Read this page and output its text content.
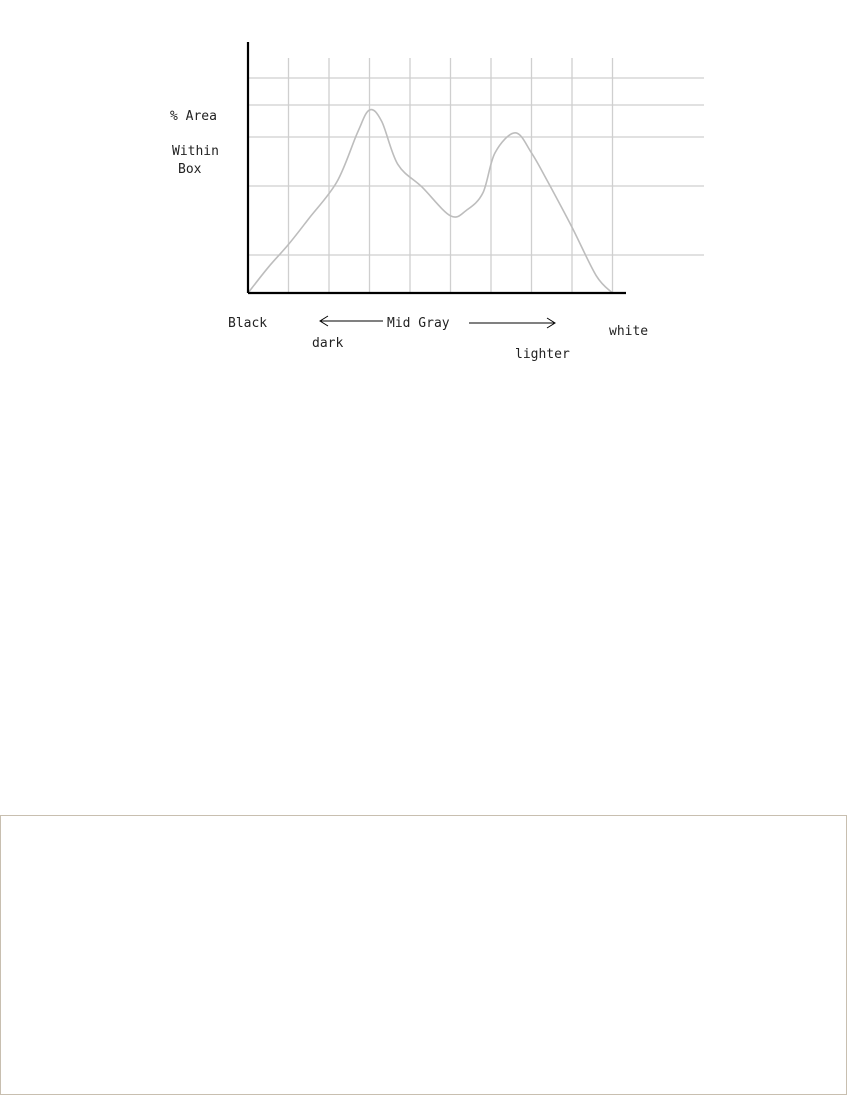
% Area
Within
Box
Black	Mid Gray
white
dark
lighter
